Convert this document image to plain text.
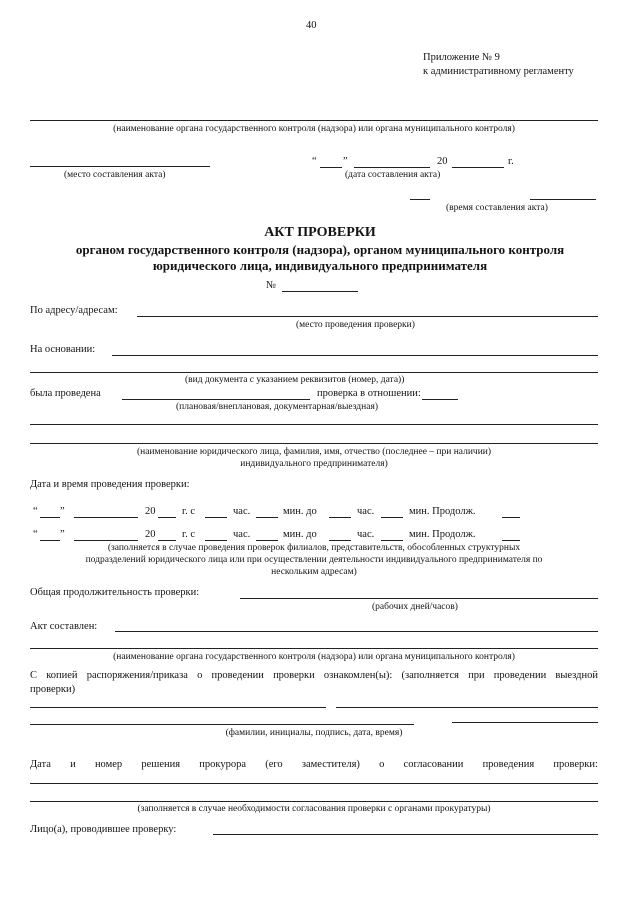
40
Приложение № 9
к административному регламенту
(наименование органа государственного контроля (надзора) или органа муниципального контроля)
(место составления акта)
“	”	20	г.
(дата составления акта)
(время составления акта)
АКТ ПРОВЕРКИ
органом государственного контроля (надзора), органом муниципального контроля
юридического лица, индивидуального предпринимателя
№
По адресу/адресам:
(место проведения проверки)
На основании:
(вид документа с указанием реквизитов (номер, дата))
была проведена	проверка в отношении:
(плановая/внеплановая, документарная/выездная)
(наименование юридического лица, фамилия, имя, отчество (последнее – при наличии)
индивидуального предпринимателя)
Дата и время проведения проверки:
“ ”	20	г. с	час.	мин. до	час.	мин. Продолж.
“ ”	20	г. с	час.	мин. до	час.	мин. Продолж.
(заполняется в случае проведения проверок филиалов, представительств, обособленных структурных
подразделений юридического лица или при осуществлении деятельности индивидуального предпринимателя по
нескольким адресам)
Общая продолжительность проверки:
(рабочих дней/часов)
Акт составлен:
(наименование органа государственного контроля (надзора) или органа муниципального контроля)
С копией распоряжения/приказа о проведении проверки ознакомлен(ы): (заполняется при проведении выездной
проверки)
(фамилии, инициалы, подпись, дата, время)
Дата и номер решения прокурора (его заместителя) о согласовании проведения проверки:
(заполняется в случае необходимости согласования проверки с органами прокуратуры)
Лицо(а), проводившее проверку:
